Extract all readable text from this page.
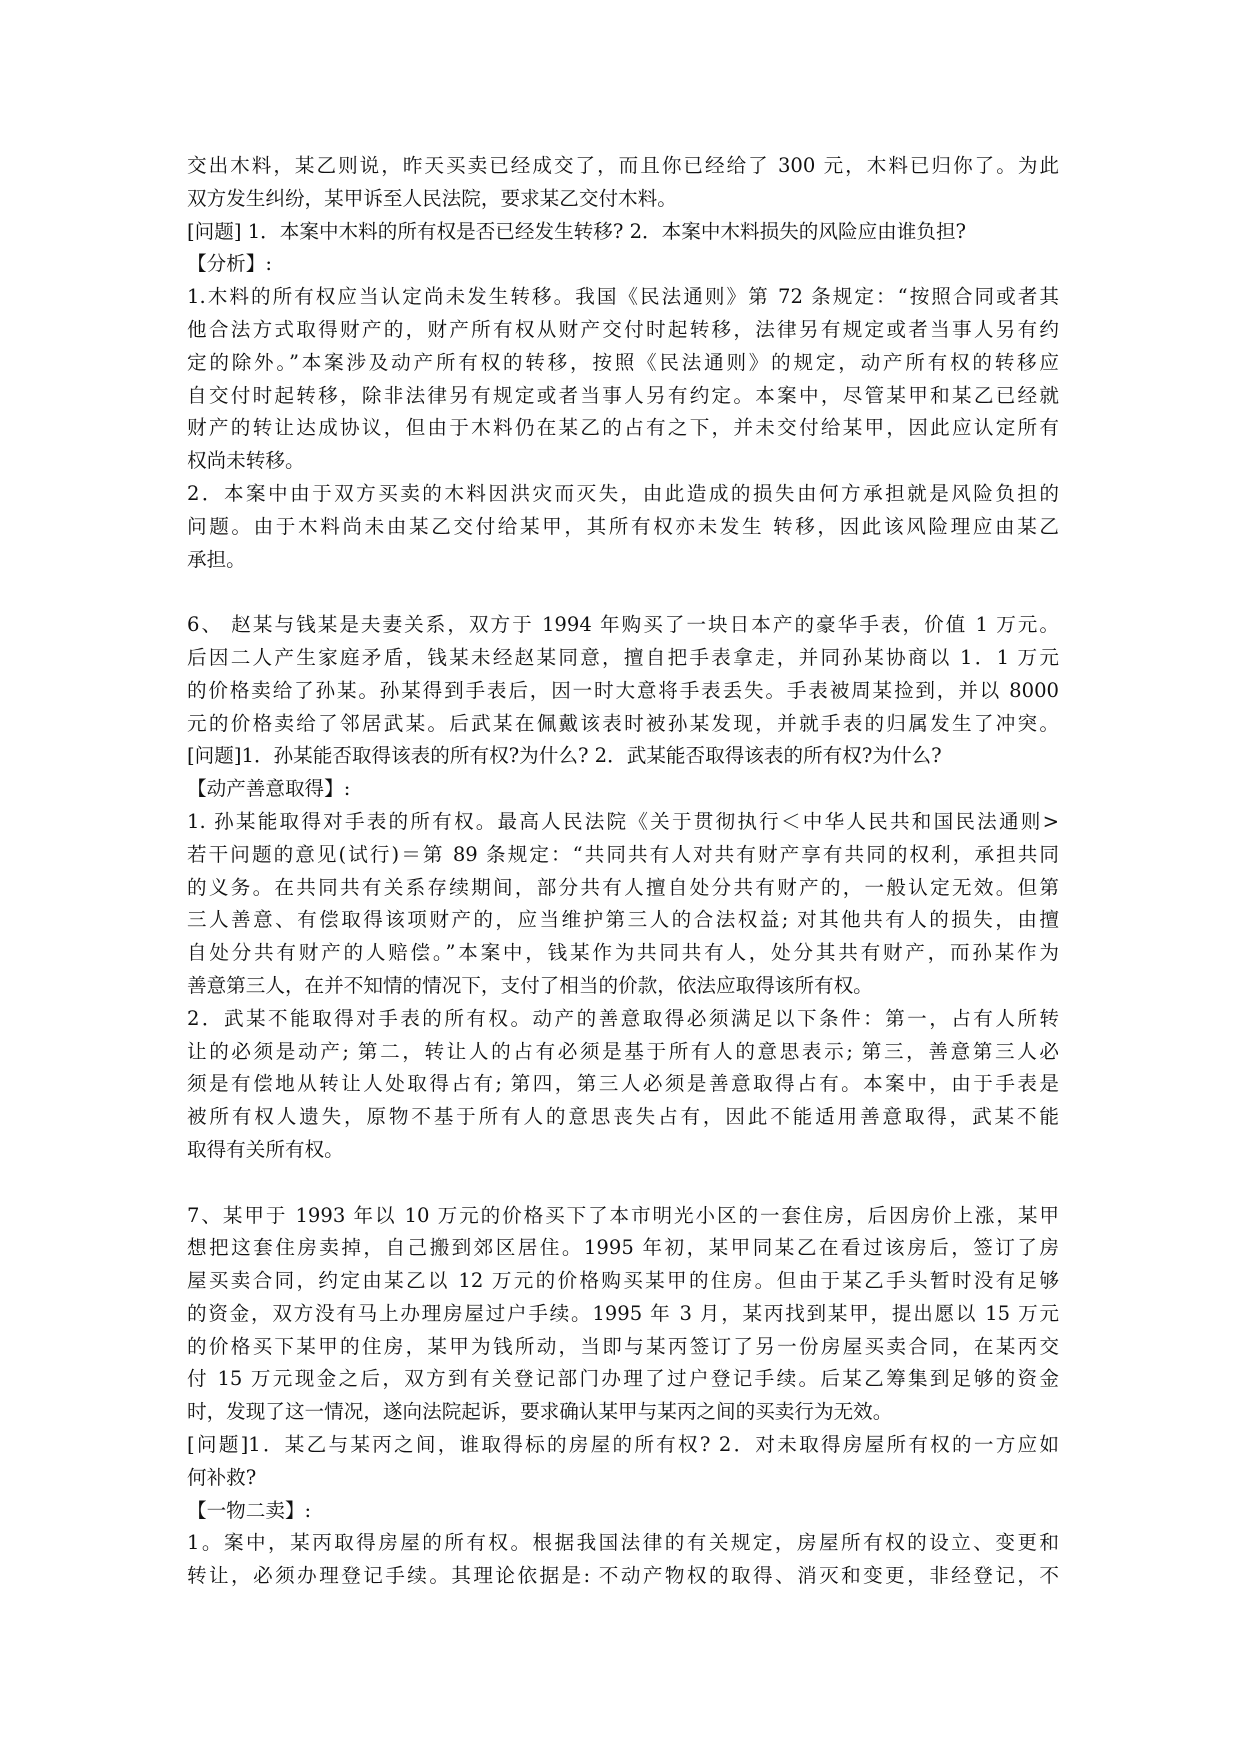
交出木料，某乙则说，昨天买卖已经成交了，而且你已经给了 300 元，木料已归你了。为此
双方发生纠纷，某甲诉至人民法院，要求某乙交付木料。
[问题] 1．本案中木料的所有权是否已经发生转移? 2．本案中木料损失的风险应由谁负担?
【分析】:
1.木料的所有权应当认定尚未发生转移。我国《民法通则》第 72 条规定：“按照合同或者其
他合法方式取得财产的，财产所有权从财产交付时起转移，法律另有规定或者当事人另有约
定的除外。”本案涉及动产所有权的转移，按照《民法通则》的规定，动产所有权的转移应
自交付时起转移，除非法律另有规定或者当事人另有约定。本案中，尽管某甲和某乙已经就
财产的转让达成协议，但由于木料仍在某乙的占有之下，并未交付给某甲，因此应认定所有
权尚未转移。
2．本案中由于双方买卖的木料因洪灾而灭失，由此造成的损失由何方承担就是风险负担的
问题。由于木料尚未由某乙交付给某甲，其所有权亦未发生 转移，因此该风险理应由某乙
承担。
6、 赵某与钱某是夫妻关系，双方于 1994 年购买了一块日本产的豪华手表，价值 1 万元。
后因二人产生家庭矛盾，钱某未经赵某同意，擅自把手表拿走，并同孙某协商以 1．1 万元
的价格卖给了孙某。孙某得到手表后，因一时大意将手表丢失。手表被周某捡到，并以 8000
元的价格卖给了邻居武某。后武某在佩戴该表时被孙某发现，并就手表的归属发生了冲突。
[问题]1．孙某能否取得该表的所有权?为什么? 2．武某能否取得该表的所有权?为什么?
【动产善意取得】:
1. 孙某能取得对手表的所有权。最高人民法院《关于贯彻执行＜中华人民共和国民法通则>
若干问题的意见(试行)＝第 89 条规定：“共同共有人对共有财产享有共同的权利，承担共同
的义务。在共同共有关系存续期间，部分共有人擅自处分共有财产的，一般认定无效。但第
三人善意、有偿取得该项财产的，应当维护第三人的合法权益; 对其他共有人的损失，由擅
自处分共有财产的人赔偿。”本案中，钱某作为共同共有人，处分其共有财产，而孙某作为
善意第三人，在并不知情的情况下，支付了相当的价款，依法应取得该所有权。
2．武某不能取得对手表的所有权。动产的善意取得必须满足以下条件：第一，占有人所转
让的必须是动产; 第二，转让人的占有必须是基于所有人的意思表示; 第三，善意第三人必
须是有偿地从转让人处取得占有; 第四，第三人必须是善意取得占有。本案中，由于手表是
被所有权人遗失，原物不基于所有人的意思丧失占有，因此不能适用善意取得，武某不能
取得有关所有权。
7、某甲于 1993 年以 10 万元的价格买下了本市明光小区的一套住房，后因房价上涨，某甲
想把这套住房卖掉，自己搬到郊区居住。1995 年初，某甲同某乙在看过该房后，签订了房
屋买卖合同，约定由某乙以 12 万元的价格购买某甲的住房。但由于某乙手头暂时没有足够
的资金，双方没有马上办理房屋过户手续。1995 年 3 月，某丙找到某甲，提出愿以 15 万元
的价格买下某甲的住房，某甲为钱所动，当即与某丙签订了另一份房屋买卖合同，在某丙交
付 15 万元现金之后，双方到有关登记部门办理了过户登记手续。后某乙筹集到足够的资金
时，发现了这一情况，遂向法院起诉，要求确认某甲与某丙之间的买卖行为无效。
[问题]1．某乙与某丙之间，谁取得标的房屋的所有权? 2．对未取得房屋所有权的一方应如
何补救?
【一物二卖】:
1。案中，某丙取得房屋的所有权。根据我国法律的有关规定，房屋所有权的设立、变更和
转让，必须办理登记手续。其理论依据是: 不动产物权的取得、消灭和变更，非经登记，不
